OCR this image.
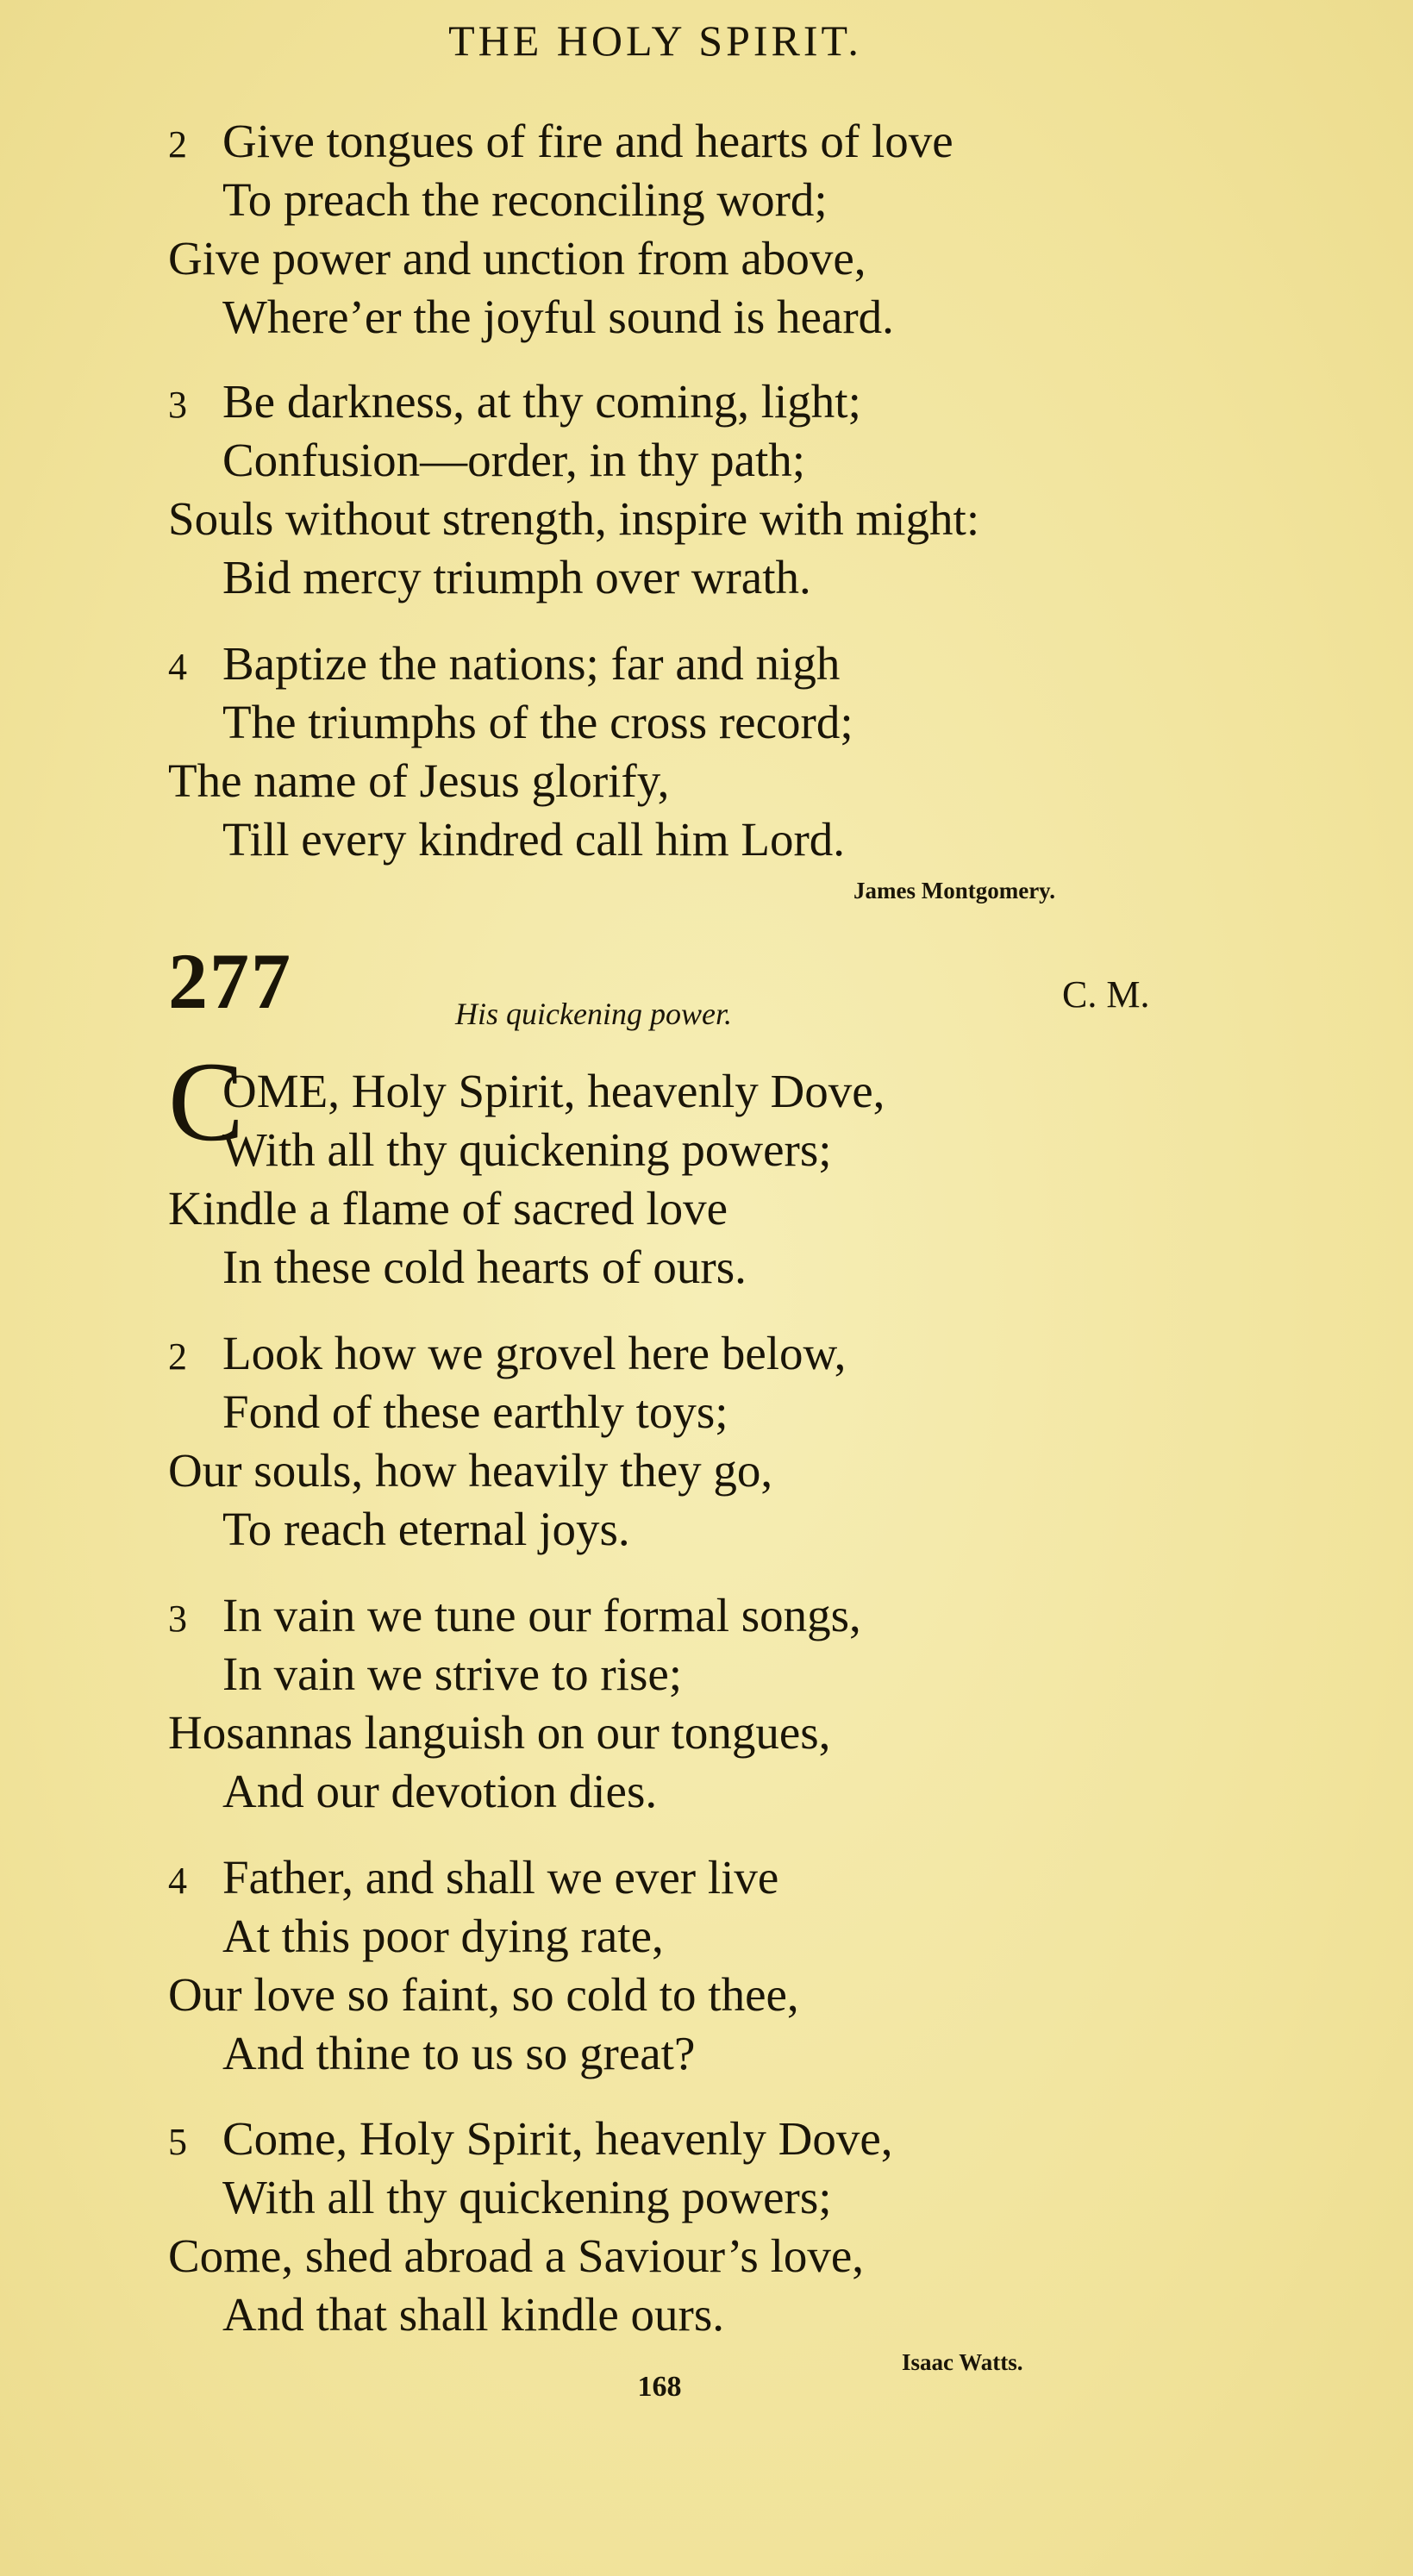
THE HOLY SPIRIT.
2 Give tongues of fire and hearts of love
To preach the reconciling word;
Give power and unction from above,
Where’er the joyful sound is heard.
3 Be darkness, at thy coming, light;
Confusion—order, in thy path;
Souls without strength, inspire with might:
Bid mercy triumph over wrath.
4 Baptize the nations; far and nigh
The triumphs of the cross record;
The name of Jesus glorify,
Till every kindred call him Lord.
James Montgomery.
277	His quickening power.	C. M.
COME, Holy Spirit, heavenly Dove,
With all thy quickening powers;
Kindle a flame of sacred love
In these cold hearts of ours.
2 Look how we grovel here below,
Fond of these earthly toys;
Our souls, how heavily they go,
To reach eternal joys.
3 In vain we tune our formal songs,
In vain we strive to rise;
Hosannas languish on our tongues,
And our devotion dies.
4 Father, and shall we ever live
At this poor dying rate,
Our love so faint, so cold to thee,
And thine to us so great?
5 Come, Holy Spirit, heavenly Dove,
With all thy quickening powers;
Come, shed abroad a Saviour’s love,
And that shall kindle ours.
Isaac Watts.
168
